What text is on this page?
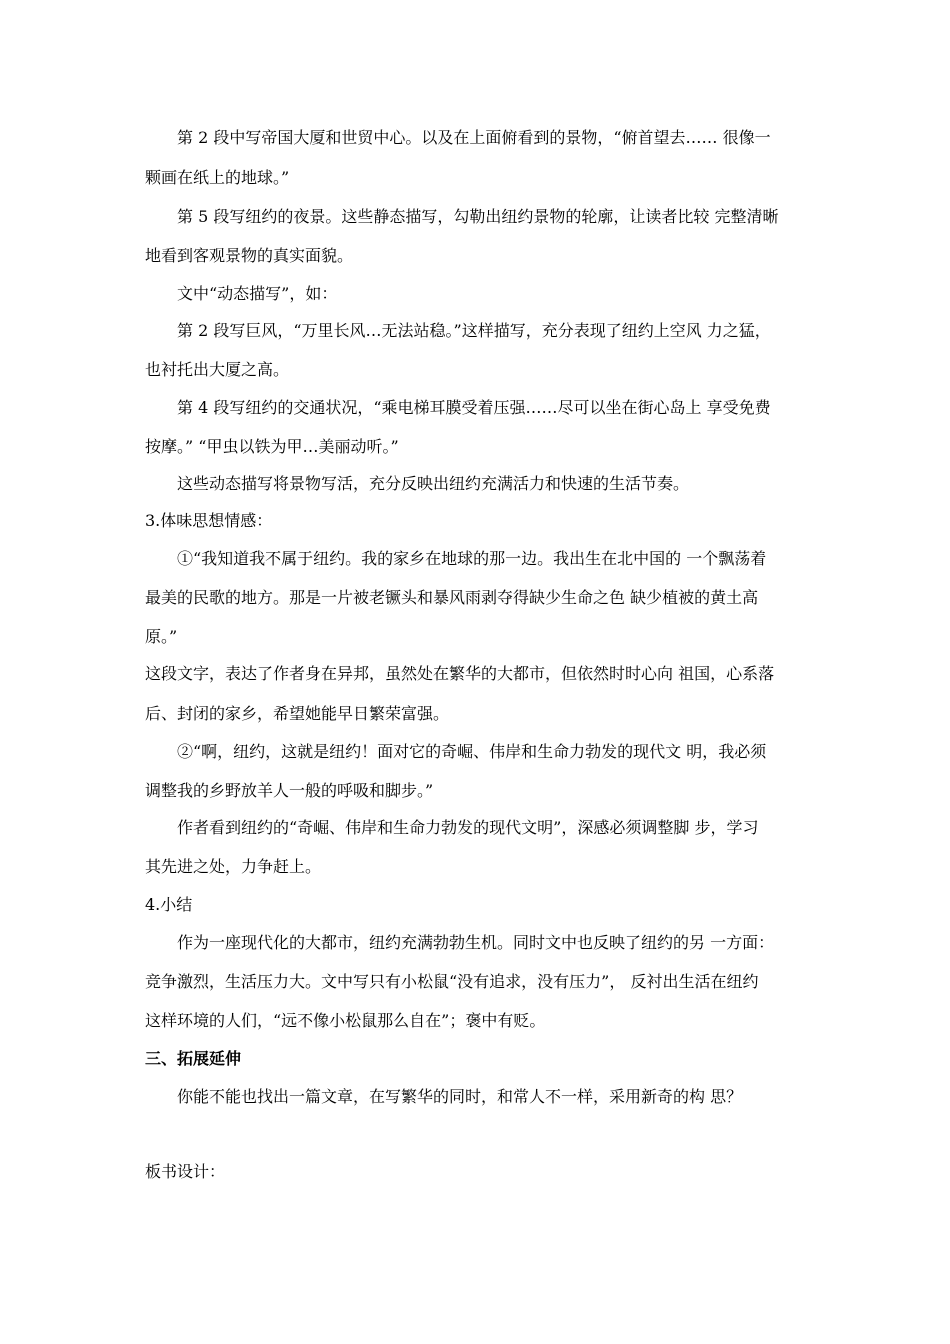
第 2 段中写帝国大厦和世贸中心。以及在上面俯看到的景物，“俯首望去…… 很像一

颗画在纸上的地球。”

第 5 段写纽约的夜景。这些静态描写，勾勒出纽约景物的轮廓，让读者比较 完整清晰

地看到客观景物的真实面貌。

文中“动态描写”，如：

第 2 段写巨风，“万里长风…无法站稳。”这样描写，充分表现了纽约上空风 力之猛，

也衬托出大厦之高。

第 4 段写纽约的交通状况，“乘电梯耳膜受着压强……尽可以坐在街心岛上 享受免费

按摩。” “甲虫以铁为甲…美丽动听。”

这些动态描写将景物写活，充分反映出纽约充满活力和快速的生活节奏。

3.体味思想情感：

①“我知道我不属于纽约。我的家乡在地球的那一边。我出生在北中国的 一个飘荡着

最美的民歌的地方。那是一片被老镢头和暴风雨剥夺得缺少生命之色 缺少植被的黄土高

原。”

这段文字，表达了作者身在异邦，虽然处在繁华的大都市，但依然时时心向 祖国，心系落

后、封闭的家乡，希望她能早日繁荣富强。

②“啊，纽约，这就是纽约！面对它的奇崛、伟岸和生命力勃发的现代文 明，我必须

调整我的乡野放羊人一般的呼吸和脚步。”

作者看到纽约的“奇崛、伟岸和生命力勃发的现代文明”，深感必须调整脚 步，学习

其先进之处，力争赶上。

4.小结

作为一座现代化的大都市，纽约充满勃勃生机。同时文中也反映了纽约的另 一方面：

竞争激烈，生活压力大。文中写只有小松鼠“没有追求，没有压力”， 反衬出生活在纽约

这样环境的人们，“远不像小松鼠那么自在”；褒中有贬。

三、拓展延伸

你能不能也找出一篇文章，在写繁华的同时，和常人不一样，采用新奇的构 思？

板书设计：
